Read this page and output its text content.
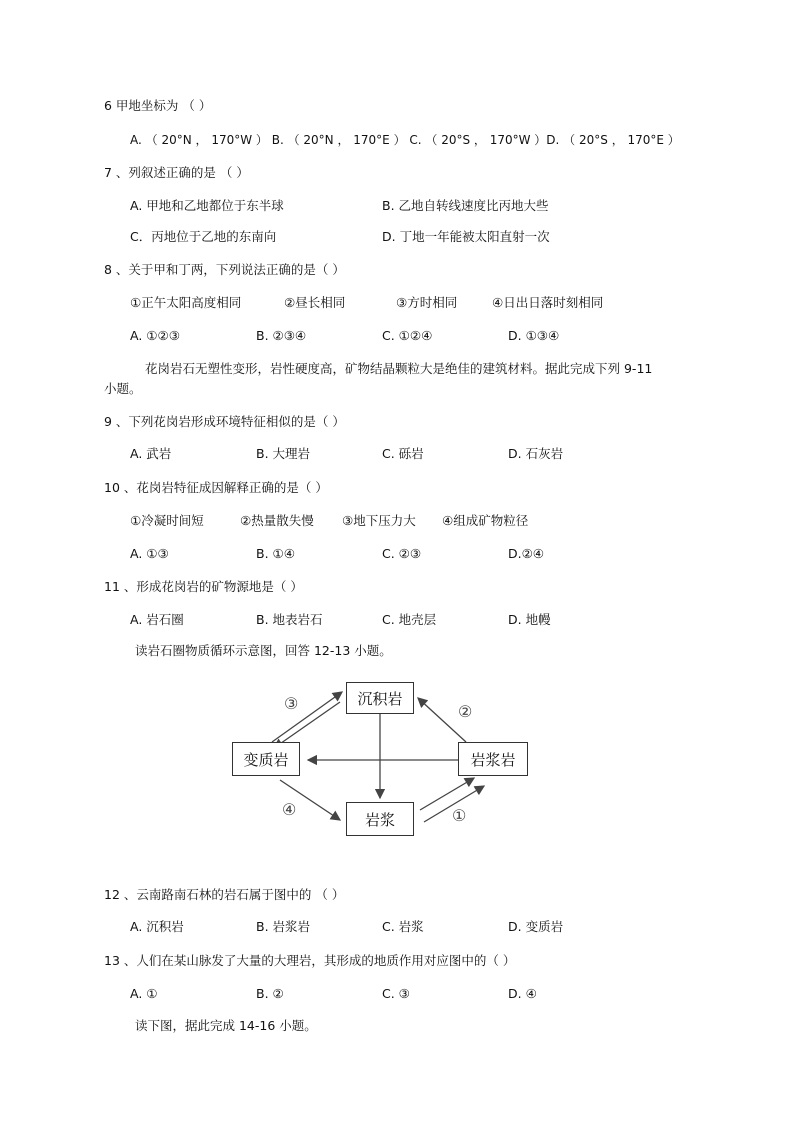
6 甲地坐标为 （ ）
A. （ 20°N ， 170°W ） B. （ 20°N ， 170°E ） C. （ 20°S ， 170°W ）D. （ 20°S ， 170°E ）
7 、列叙述正确的是 （ ）
A. 甲地和乙地都位于东半球	B. 乙地自转线速度比丙地大些
C．丙地位于乙地的东南向	D. 丁地一年能被太阳直射一次
8 、关于甲和丁两，下列说法正确的是（ ）
①正午太阳高度相同	②昼长相同	③方时相同	④日出日落时刻相同
A. ①②③	B. ②③④	C. ①②④	D. ①③④
花岗岩石无塑性变形，岩性硬度高，矿物结晶颗粒大是绝佳的建筑材料。据此完成下列 9-11
小题。
9 、下列花岗岩形成环境特征相似的是（ ）
A. 武岩	B. 大理岩	C. 砾岩	D. 石灰岩
10 、花岗岩特征成因解释正确的是（ ）
①冷凝时间短	②热量散失慢 ③地下压力大 ④组成矿物粒径
A. ①③	B. ①④	C. ②③	D.②④
11 、形成花岗岩的矿物源地是（ ）
A. 岩石圈	B. 地表岩石	C. 地壳层	D. 地幔
读岩石圈物质循环示意图，回答 12-13 小题。
沉积岩
变质岩	岩浆岩
岩浆	①
②
③
④
12 、云南路南石林的岩石属于图中的 （ ）
A. 沉积岩	B. 岩浆岩	C. 岩浆	D. 变质岩
13 、人们在某山脉发了大量的大理岩，其形成的地质作用对应图中的（ ）
A. ①	B. ②	C. ③	D. ④
读下图，据此完成 14-16 小题。
